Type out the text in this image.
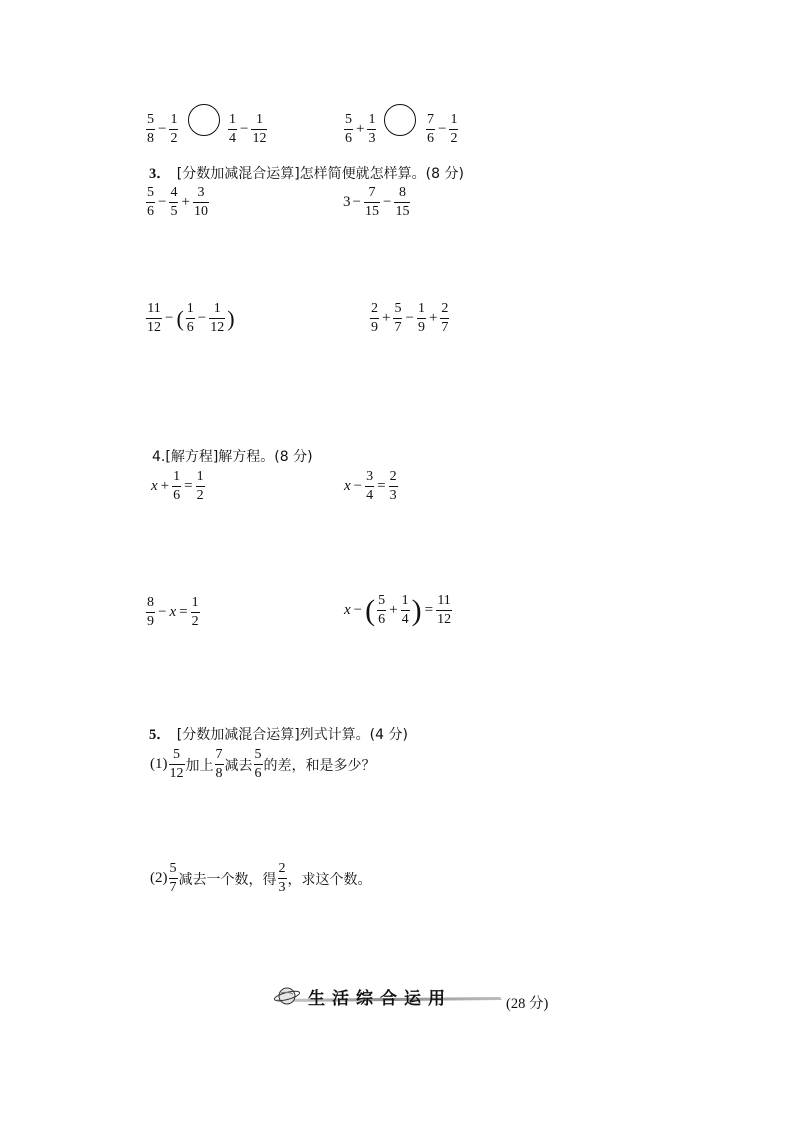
$\frac{5}{8} - \frac{1}{2}$	$\frac{1}{4} - \frac{1}{12}$	$\frac{5}{6} + \frac{1}{3}$	$\frac{7}{6} - \frac{1}{2}$
3． [分数加减混合运算]怎样简便就怎样算。(8 分)
$\frac{5}{6} - \frac{4}{5} + \frac{3}{10}$	$3 - \frac{7}{15} - \frac{8}{15}$
$\frac{11}{12}$ − ( $\frac{1}{6} - \frac{1}{12}$ )	$\frac{2}{9} + \frac{5}{7} - \frac{1}{9} + \frac{2}{7}$
4.[解方程]解方程。(8 分)
$x + \frac{1}{6} = \frac{1}{2}$	$x - \frac{3}{4} = \frac{2}{3}$
$\frac{8}{9} - x = \frac{1}{2}$	x − ( $\frac{5}{6} + \frac{1}{4}$ ) = $\frac{11}{12}$
5． [分数加减混合运算]列式计算。(4 分)
$(1) \frac{5}{12}$ 加上 $\frac{7}{8}$ 减去 $\frac{5}{6}$ 的差，和是多少？
$(2) \frac{5}{7}$ 减去一个数，得 $\frac{2}{3}$ ，求这个数。
生活综合运用	(28 分)
